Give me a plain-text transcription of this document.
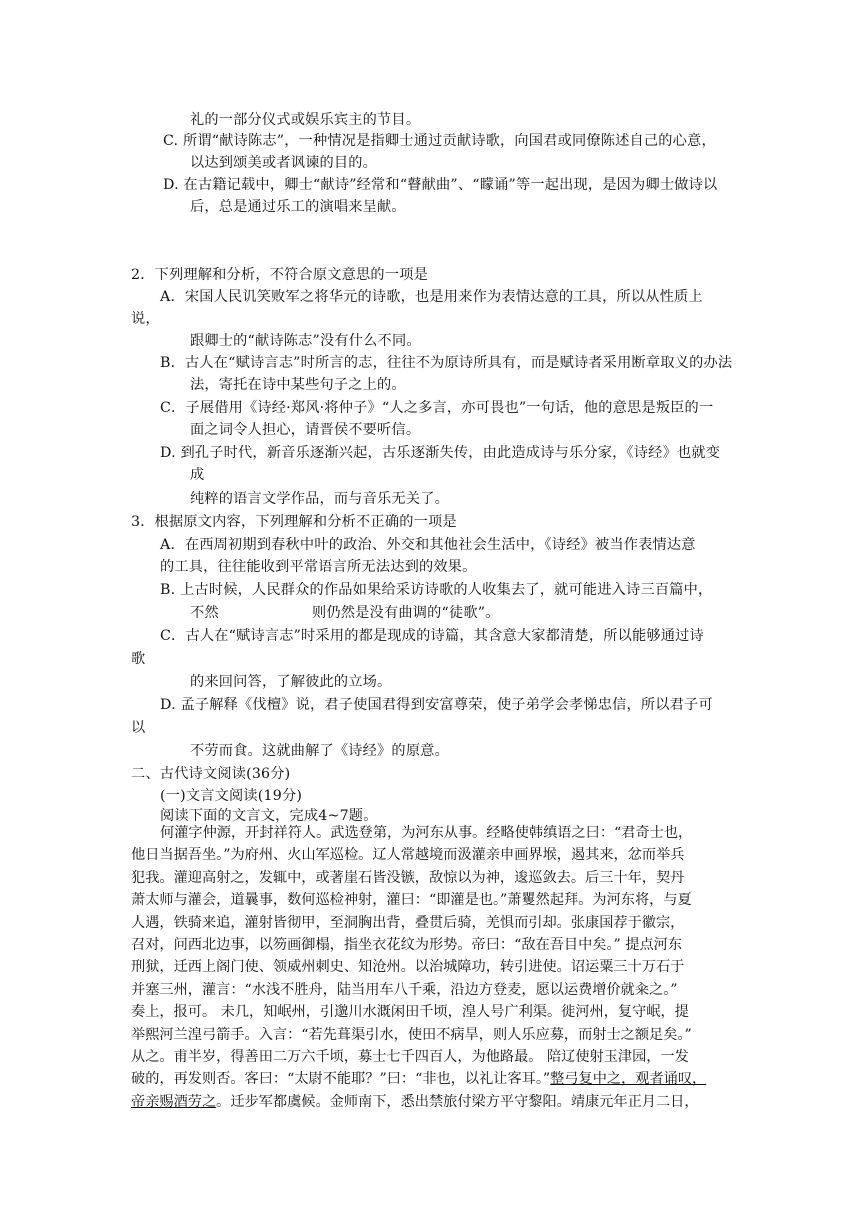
礼的一部分仪式或娱乐宾主的节目。
C. 所谓“献诗陈志”，一种情况是指卿士通过贡献诗歌，向国君或同僚陈述自己的心意，
以达到颂美或者讽谏的目的。
D. 在古籍记载中，卿士“献诗”经常和“瞽献曲”、“矇诵”等一起出现，是因为卿士做诗以
后，总是通过乐工的演唱来呈献。
2．下列理解和分析，不符合原文意思的一项是
A．宋国人民讥笑败军之将华元的诗歌，也是用来作为表情达意的工具，所以从性质上
说，
跟卿士的“献诗陈志”没有什么不同。
B．古人在“赋诗言志”时所言的志，往往不为原诗所具有，而是赋诗者采用断章取义的办法
法，寄托在诗中某些句子之上的。
C．子展借用《诗经·郑风·将仲子》“人之多言，亦可畏也”一句话，他的意思是叛臣的一
面之词令人担心，请晋侯不要听信。
D. 到孔子时代，新音乐逐渐兴起，古乐逐渐失传，由此造成诗与乐分家，《诗经》也就变
成
纯粹的语言文学作品，而与音乐无关了。
3．根据原文内容，下列理解和分析不正确的一项是
A．在西周初期到春秋中叶的政治、外交和其他社会生活中，《诗经》被当作表情达意
的工具，往往能收到平常语言所无法达到的效果。
B. 上古时候，人民群众的作品如果给采访诗歌的人收集去了，就可能进入诗三百篇中，
不然	则仍然是没有曲调的“徒歌”。
C．古人在“赋诗言志”时采用的都是现成的诗篇，其含意大家都清楚，所以能够通过诗
歌
的来回问答，了解彼此的立场。
D. 孟子解释《伐檀》说，君子使国君得到安富尊荣，使子弟学会孝悌忠信，所以君子可
以
不劳而食。这就曲解了《诗经》的原意。
二、古代诗文阅读(36分)
(一)文言文阅读(19分)
阅读下面的文言文，完成4~7题。
何灌字仲源，开封祥符人。武选登第，为河东从事。经略使韩缜语之曰：“君奇士也，
他日当据吾坐。”为府州、火山军巡检。辽人常越境而汲灌亲申画界堠，遏其来，忿而举兵
犯我。灌迎高射之，发辄中，或著崖石皆没镞，敌惊以为神，逡巡敛去。后三十年，契丹
萧太师与灌会，道曩事，数何巡检神射，灌曰：“即灌是也。”萧矍然起拜。为河东将，与夏
人遇，铁骑来追，灌射皆彻甲，至洞胸出背，叠贯后骑，羌惧而引却。张康国荐于徽宗，
召对，问西北边事，以笏画御榻，指坐衣花纹为形势。帝曰：“敌在吾目中矣。” 提点河东
刑狱，迁西上阁门使、领威州刺史、知沧州。以治城障功，转引进使。诏运粟三十万石于
并塞三州，灌言：“水浅不胜舟，陆当用车八千乘，沿边方登麦，愿以运费增价就籴之。”
奏上，报可。 未几，知岷州，引邈川水溉闲田千顷，湟人号广利渠。徙河州，复守岷，提
举熙河兰湟弓箭手。入言：“若先葺渠引水，使田不病旱，则人乐应募，而射士之额足矣。”
从之。甫半岁，得善田二万六千顷，募士七千四百人，为他路最。 陪辽使射玉津园，一发
破的，再发则否。客曰：“太尉不能耶？”曰：“非也，以礼让客耳。”整弓复中之，观者诵叹，
帝亲赐酒劳之。迁步军都虞候。金师南下，悉出禁旅付梁方平守黎阳。靖康元年正月二日，
